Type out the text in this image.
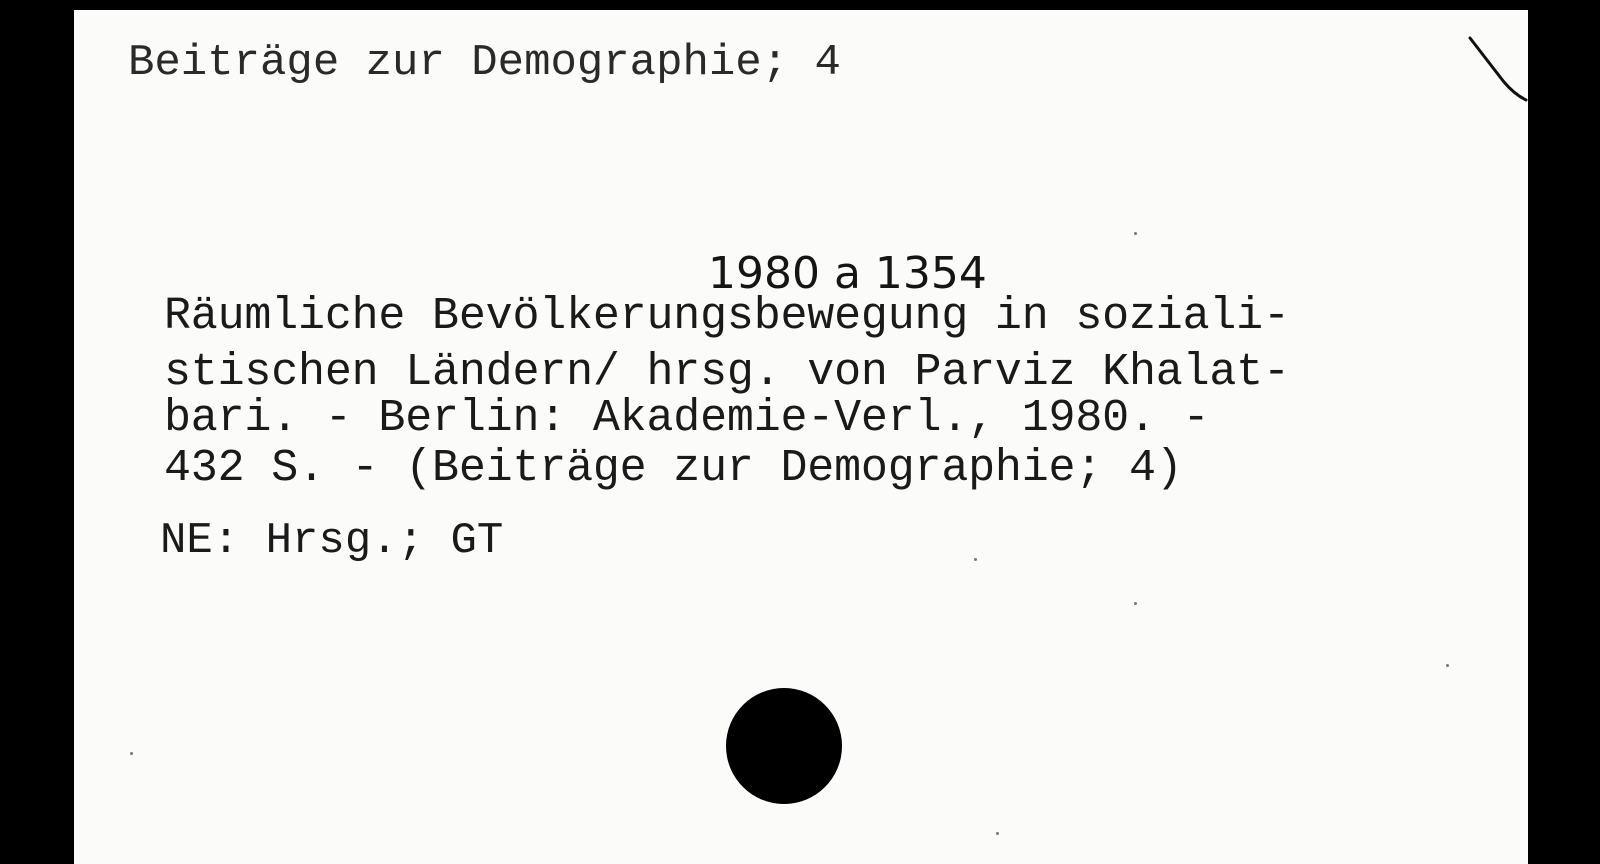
Beiträge zur Demographie; 4

1980 a 1354

Räumliche Bevölkerungsbewegung in soziali-

stischen Ländern/ hrsg. von Parviz Khalat-

bari. - Berlin: Akademie-Verl., 1980. -

432 S. - (Beiträge zur Demographie; 4)

NE: Hrsg.; GT
